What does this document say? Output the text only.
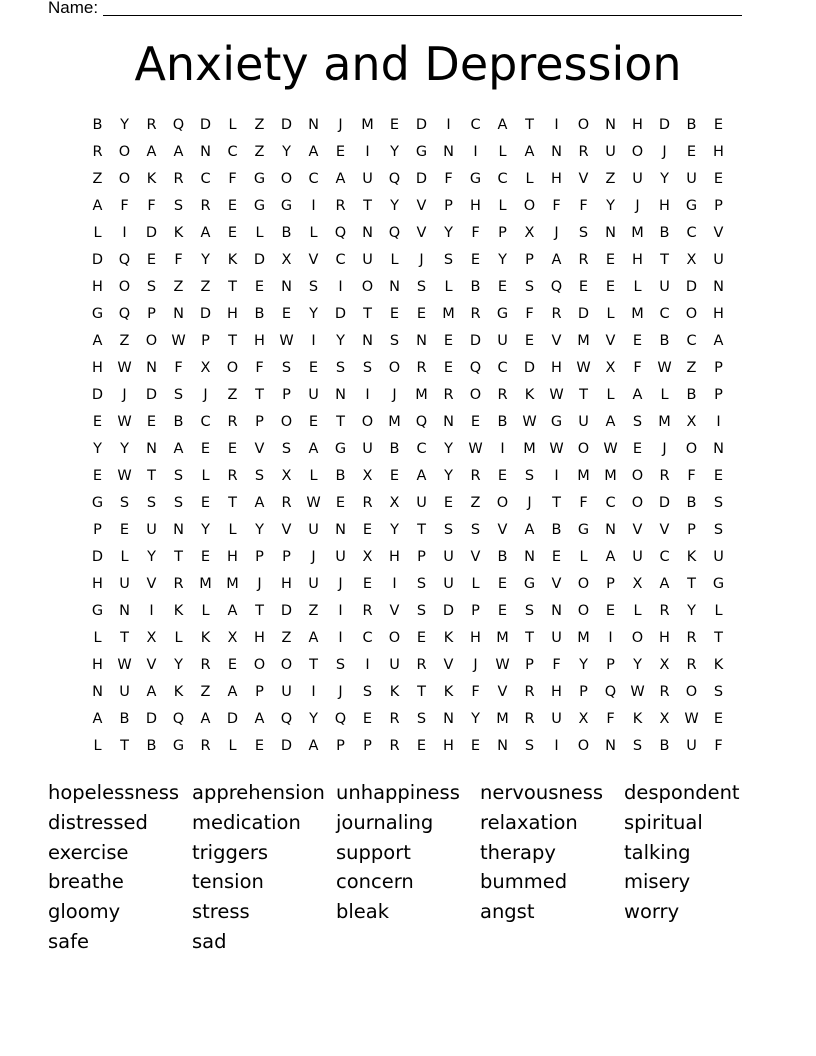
Name:
Anxiety and Depression
B	Y	R	Q	D	L	Z	D	N	J	M	E	D	I	C	A	T	I	O	N	H	D	B	E
R	O	A	A	N	C	Z	Y	A	E	I	Y	G	N	I	L	A	N	R	U	O	J	E	H
Z	O	K	R	C	F	G	O	C	A	U	Q	D	F	G	C	L	H	V	Z	U	Y	U	E
A	F	F	S	R	E	G	G	I	R	T	Y	V	P	H	L	O	F	F	Y	J	H	G	P
L	I	D	K	A	E	L	B	L	Q	N	Q	V	Y	F	P	X	J	S	N	M	B	C	V
D	Q	E	F	Y	K	D	X	V	C	U	L	J	S	E	Y	P	A	R	E	H	T	X	U
H	O	S	Z	Z	T	E	N	S	I	O	N	S	L	B	E	S	Q	E	E	L	U	D	N
G	Q	P	N	D	H	B	E	Y	D	T	E	E	M	R	G	F	R	D	L	M	C	O	H
A	Z	O W	P	T	H W	I	Y	N	S	N	E	D	U	E	V	M	V	E	B	C	A
H W N	F	X	O	F	S	E	S	S	O	R	E	Q	C	D	H W	X	F	W	Z	P
D	J	D	S	J	Z	T	P	U	N	I	J	M	R	O	R	K	W	T	L	A	L	B	P
E	W	E	B	C	R	P	O	E	T	O	M	Q	N	E	B	W G	U	A	S	M	X	I
Y	Y	N	A	E	E	V	S	A	G	U	B	C	Y	W	I	M W O W	E	J	O	N
E	W	T	S	L	R	S	X	L	B	X	E	A	Y	R	E	S	I	M M	O	R	F	E
G	S	S	S	E	T	A	R	W	E	R	X	U	E	Z	O	J	T	F	C	O	D	B	S
P	E	U	N	Y	L	Y	V	U	N	E	Y	T	S	S	V	A	B	G	N	V	V	P	S
D	L	Y	T	E	H	P	P	J	U	X	H	P	U	V	B	N	E	L	A	U	C	K	U
H	U	V	R	M M	J	H	U	J	E	I	S	U	L	E	G	V	O	P	X	A	T	G
G	N	I	K	L	A	T	D	Z	I	R	V	S	D	P	E	S	N	O	E	L	R	Y	L
L	T	X	L	K	X	H	Z	A	I	C	O	E	K	H	M	T	U	M	I	O	H	R	T
H W	V	Y	R	E	O	O	T	S	I	U	R	V	J	W	P	F	Y	P	Y	X	R	K
N	U	A	K	Z	A	P	U	I	J	S	K	T	K	F	V	R	H	P	Q W	R	O	S
A	B	D	Q	A	D	A	Q	Y	Q	E	R	S	N	Y	M	R	U	X	F	K	X	W	E
L	T	B	G	R	L	E	D	A	P	P	R	E	H	E	N	S	I	O	N	S	B	U	F
hopelessness apprehension unhappiness	nervousness	despondent
distressed	medication	journaling	relaxation	spiritual
exercise	triggers	support	therapy	talking
breathe	tension	concern	bummed	misery
gloomy	stress	bleak	angst	worry
safe	sad
